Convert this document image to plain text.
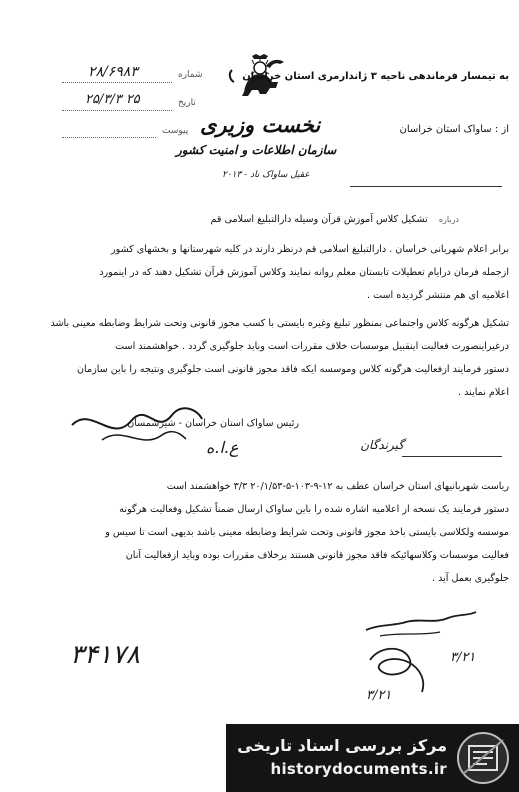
به تیمسار فرماندهی ناحیه ۳ ژاندارمری استان خراسان
از : ساواک استان خراسان
شماره
۲۸/۶۹۸۳
تاریخ
۲۵/۳/۳ ۲۵
پیوست نخست وزیری
سازمان اطلاعات و امنیت کشور
عقیل ساواک ناد - ۲۰۱۳
درباره تشکیل کلاس آموزش قرآن وسیله دارالتبلیغ اسلامی قم
برابر اعلام شهربانی خراسان . دارالتبلیغ اسلامی قم درنظر دارند در کلیه شهرستانها و بخشهای کشور
ازجمله فرمان درایام تعطیلات تابستان معلم روانه نمایند وکلاس آموزش قرآن تشکیل دهند که در اینمورد
اعلامیه ای هم منتشر گردیده است .
تشکیل هرگونه کلاس واجتماعی بمنظور تبلیغ وغیره بایستی با کسب مجوز قانونی وتحت شرایط وضابطه معینی باشد
درغیراینصورت فعالیت اینقبیل موسسات خلاف مقررات است وباید جلوگیری گردد . خواهشمند است
دستور فرمایند ازفعالیت هرگونه کلاس وموسسه ایکه فاقد مجوز قانونی است جلوگیری ونتیجه را باین سازمان
اعلام نمایند .
رئیس ساواک استان خراسان - شیرشمسان
ع.ا.ه	گیرندگان
ریاست شهربانیهای استان خراسان عطف به ۱۲-۹-۱۰۳-۵-۲۰/۱/۵۳ ۳/۳ خواهشمند است
دستور فرمایند یک نسخه از اعلامیه اشاره شده را باین ساواک ارسال ضمناً تشکیل وفعالیت هرگونه
موسسه ولکلاسی بایستی باخذ مجوز قانونی وتحت شرایط وضابطه معینی باشد بدیهی است تا سیس و
فعالیت موسسات وکلاسهائیکه فاقد مجوز قانونی هستند برخلاف مقررات بوده وباید ازفعالیت آنان
جلوگیری بعمل آید .
۳۴۱۷۸	۳/۲۱
۳/۲۱
مرکز بررسی اسناد تاریخی
historydocuments.ir
